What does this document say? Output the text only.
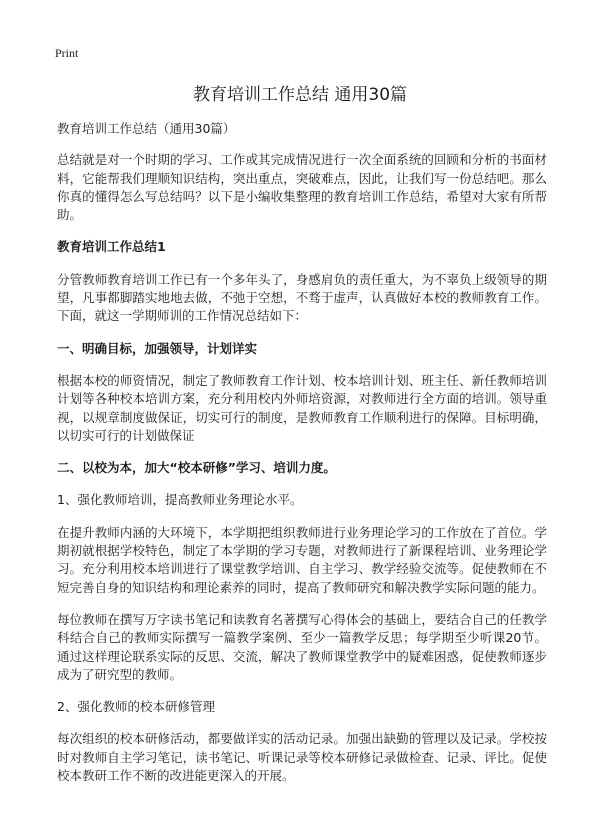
Print
教育培训工作总结 通用30篇

教育培训工作总结（通用30篇）

总结就是对一个时期的学习、工作或其完成情况进行一次全面系统的回顾和分析的书面材料，它能帮我们理顺知识结构，突出重点，突破难点，因此，让我们写一份总结吧。那么你真的懂得怎么写总结吗？以下是小编收集整理的教育培训工作总结，希望对大家有所帮助。

教育培训工作总结1

分管教师教育培训工作已有一个多年头了，身感肩负的责任重大，为不辜负上级领导的期望，凡事都脚踏实地地去做，不弛于空想，不骛于虚声，认真做好本校的教师教育工作。下面，就这一学期师训的工作情况总结如下：

一、明确目标，加强领导，计划详实

根据本校的师资情况，制定了教师教育工作计划、校本培训计划、班主任、新任教师培训计划等各种校本培训方案，充分利用校内外师培资源，对教师进行全方面的培训。领导重视，以规章制度做保证，切实可行的制度，是教师教育工作顺利进行的保障。目标明确，以切实可行的计划做保证

二、以校为本，加大“校本研修”学习、培训力度。

1、强化教师培训，提高教师业务理论水平。

在提升教师内涵的大环境下，本学期把组织教师进行业务理论学习的工作放在了首位。学期初就根据学校特色，制定了本学期的学习专题，对教师进行了新课程培训、业务理论学习。充分利用校本培训进行了课堂教学培训、自主学习、教学经验交流等。促使教师在不短完善自身的知识结构和理论素养的同时，提高了教师研究和解决教学实际问题的能力。

每位教师在撰写万字读书笔记和读教育名著撰写心得体会的基础上，要结合自己的任教学科结合自己的教师实际撰写一篇教学案例、至少一篇教学反思；每学期至少听课20节。通过这样理论联系实际的反思、交流，解决了教师课堂教学中的疑难困惑，促使教师逐步成为了研究型的教师。

2、强化教师的校本研修管理

每次组织的校本研修活动，都要做详实的活动记录。加强出缺勤的管理以及记录。学校按时对教师自主学习笔记，读书笔记、听课记录等校本研修记录做检查、记录、评比。促使校本教研工作不断的改进能更深入的开展。
